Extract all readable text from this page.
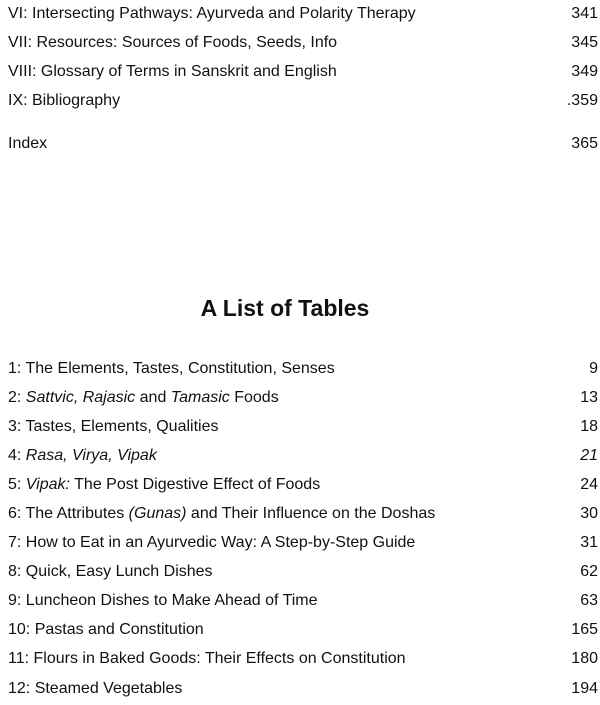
VI: Intersecting Pathways: Ayurveda and Polarity Therapy	341
VII: Resources: Sources of Foods, Seeds, Info	345
VIII: Glossary of Terms in Sanskrit and English	349
IX: Bibliography	.359
Index	365
A List of Tables
1: The Elements, Tastes, Constitution, Senses	9
2: Sattvic, Rajasic and Tamasic Foods	13
3: Tastes, Elements, Qualities	18
4: Rasa, Virya, Vipak	21
5: Vipak: The Post Digestive Effect of Foods	24
6: The Attributes (Gunas) and Their Influence on the Doshas	30
7: How to Eat in an Ayurvedic Way: A Step-by-Step Guide	31
8: Quick, Easy Lunch Dishes	62
9: Luncheon Dishes to Make Ahead of Time	63
10: Pastas and Constitution	165
11: Flours in Baked Goods: Their Effects on Constitution	180
12: Steamed Vegetables	194
